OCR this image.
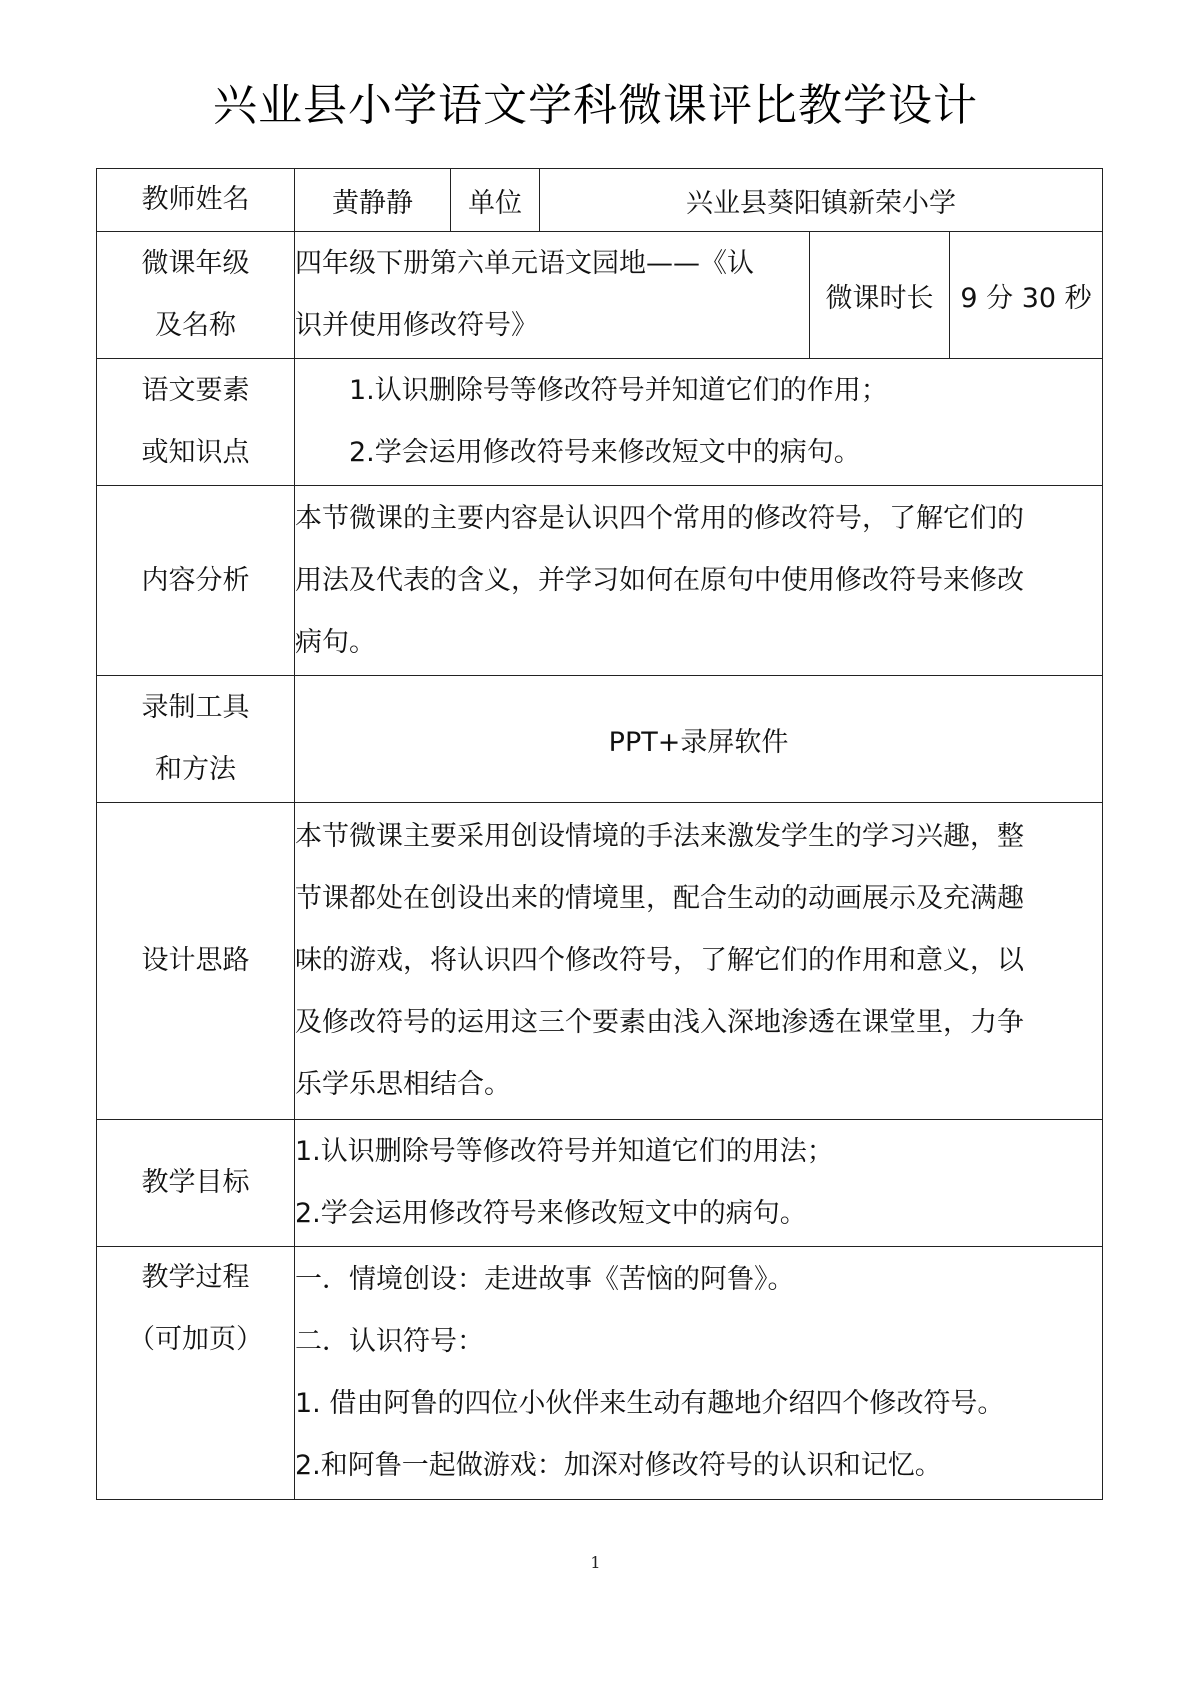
兴业县小学语文学科微课评比教学设计
教师姓名	黄静静	单位	兴业县葵阳镇新荣小学		

微课年级
及名称	四年级下册第六单元语文园地——《认
识并使用修改符号》			微课时长	9 分 30 秒

语文要素
或知识点	1.认识删除号等修改符号并知道它们的作用；
2.学会运用修改符号来修改短文中的病句。				

内容分析	本节微课的主要内容是认识四个常用的修改符号，了解它们的
用法及代表的含义，并学习如何在原句中使用修改符号来修改
病句。				

录制工具
和方法	PPT+录屏软件				

设计思路	本节微课主要采用创设情境的手法来激发学生的学习兴趣，整
节课都处在创设出来的情境里，配合生动的动画展示及充满趣
味的游戏，将认识四个修改符号，了解它们的作用和意义，以
及修改符号的运用这三个要素由浅入深地渗透在课堂里，力争
乐学乐思相结合。				

教学目标	1.认识删除号等修改符号并知道它们的用法；
2.学会运用修改符号来修改短文中的病句。				

教学过程
（可加页）	一．情境创设：走进故事《苦恼的阿鲁》。
二．认识符号：
1. 借由阿鲁的四位小伙伴来生动有趣地介绍四个修改符号。
2.和阿鲁一起做游戏：加深对修改符号的认识和记忆。				
1
